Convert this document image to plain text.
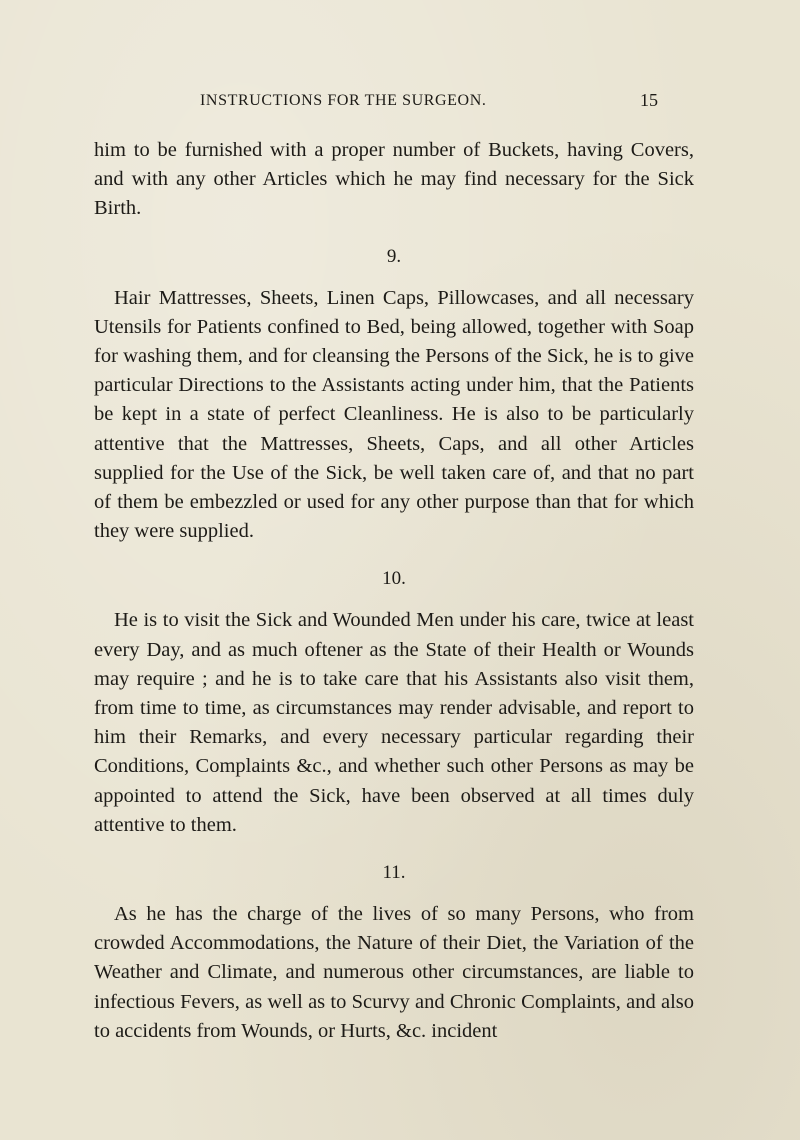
INSTRUCTIONS FOR THE SURGEON.	15

him to be furnished with a proper number of Buckets, having Covers, and with any other Articles which he may find necessary for the Sick Birth.

9.

Hair Mattresses, Sheets, Linen Caps, Pillowcases, and all necessary Utensils for Patients confined to Bed, being allowed, together with Soap for washing them, and for cleansing the Persons of the Sick, he is to give particular Directions to the Assistants acting under him, that the Patients be kept in a state of perfect Cleanliness. He is also to be particularly attentive that the Mattresses, Sheets, Caps, and all other Articles supplied for the Use of the Sick, be well taken care of, and that no part of them be embezzled or used for any other purpose than that for which they were supplied.

10.

He is to visit the Sick and Wounded Men under his care, twice at least every Day, and as much oftener as the State of their Health or Wounds may require ; and he is to take care that his Assistants also visit them, from time to time, as circumstances may render advisable, and report to him their Remarks, and every necessary particular regarding their Conditions, Complaints &c., and whether such other Persons as may be appointed to attend the Sick, have been observed at all times duly attentive to them.

11.

As he has the charge of the lives of so many Persons, who from crowded Accommodations, the Nature of their Diet, the Variation of the Weather and Climate, and numerous other circumstances, are liable to infectious Fevers, as well as to Scurvy and Chronic Complaints, and also to accidents from Wounds, or Hurts, &c. incident
